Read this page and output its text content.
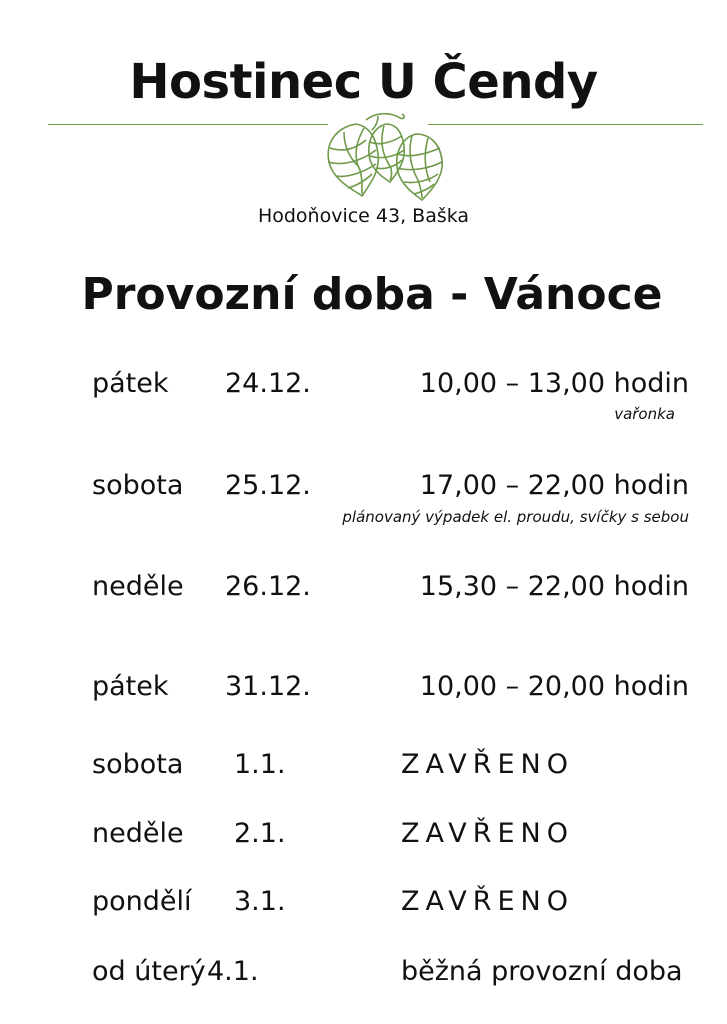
Hostinec U Čendy
Hodoňovice 43, Baška
Provozní doba - Vánoce
pátek 24.12.	10,00 – 13,00 hodin
vařonka
sobota 25.12.	17,00 – 22,00 hodin
plánovaný výpadek el. proudu, svíčky s sebou
neděle 26.12.	15,30 – 22,00 hodin
pátek 31.12.	10,00 – 20,00 hodin
sobota 1.1.	ZAVŘENO
neděle 2.1.	ZAVŘENO
pondělí 3.1.	ZAVŘENO
od úterý 4.1.	běžná provozní doba
